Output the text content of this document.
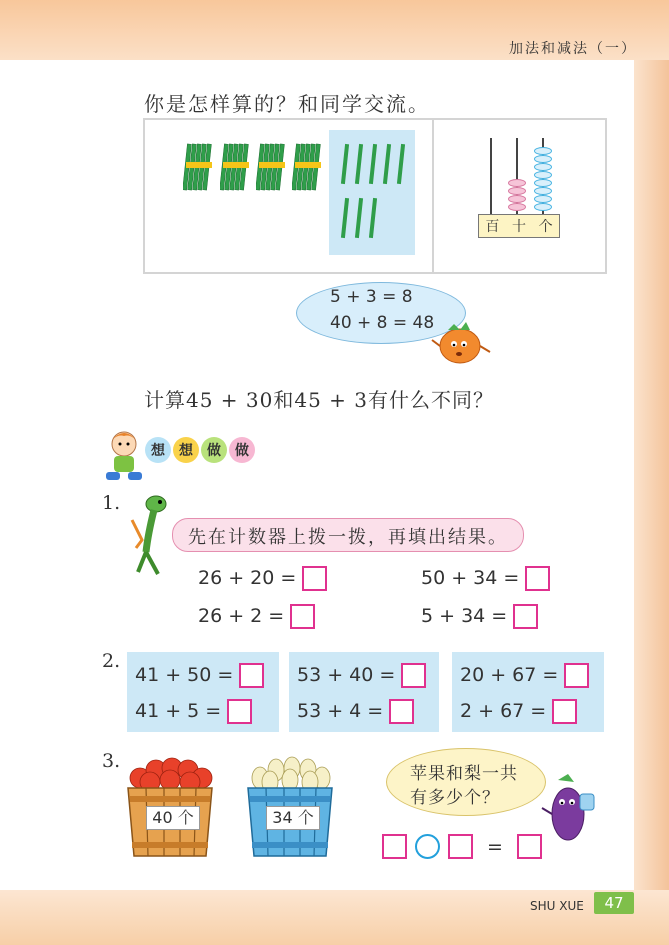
加法和减法（一）
你是怎样算的？和同学交流。
百 十 个
5 + 3 = 8
40 + 8 = 48
计算45 + 30和45 + 3有什么不同？
想	想	做	做
1.
先在计数器上拨一拨，再填出结果。
26 + 20 =	50 + 34 =
26 + 2 =	5 + 34 =
2.
41 + 50 =
41 + 5 =
53 + 40 =
53 + 4 =
20 + 67 =
2 + 67 =
3.
40 个	34 个
苹果和梨一共
有多少个？
=
SHU XUE	47
